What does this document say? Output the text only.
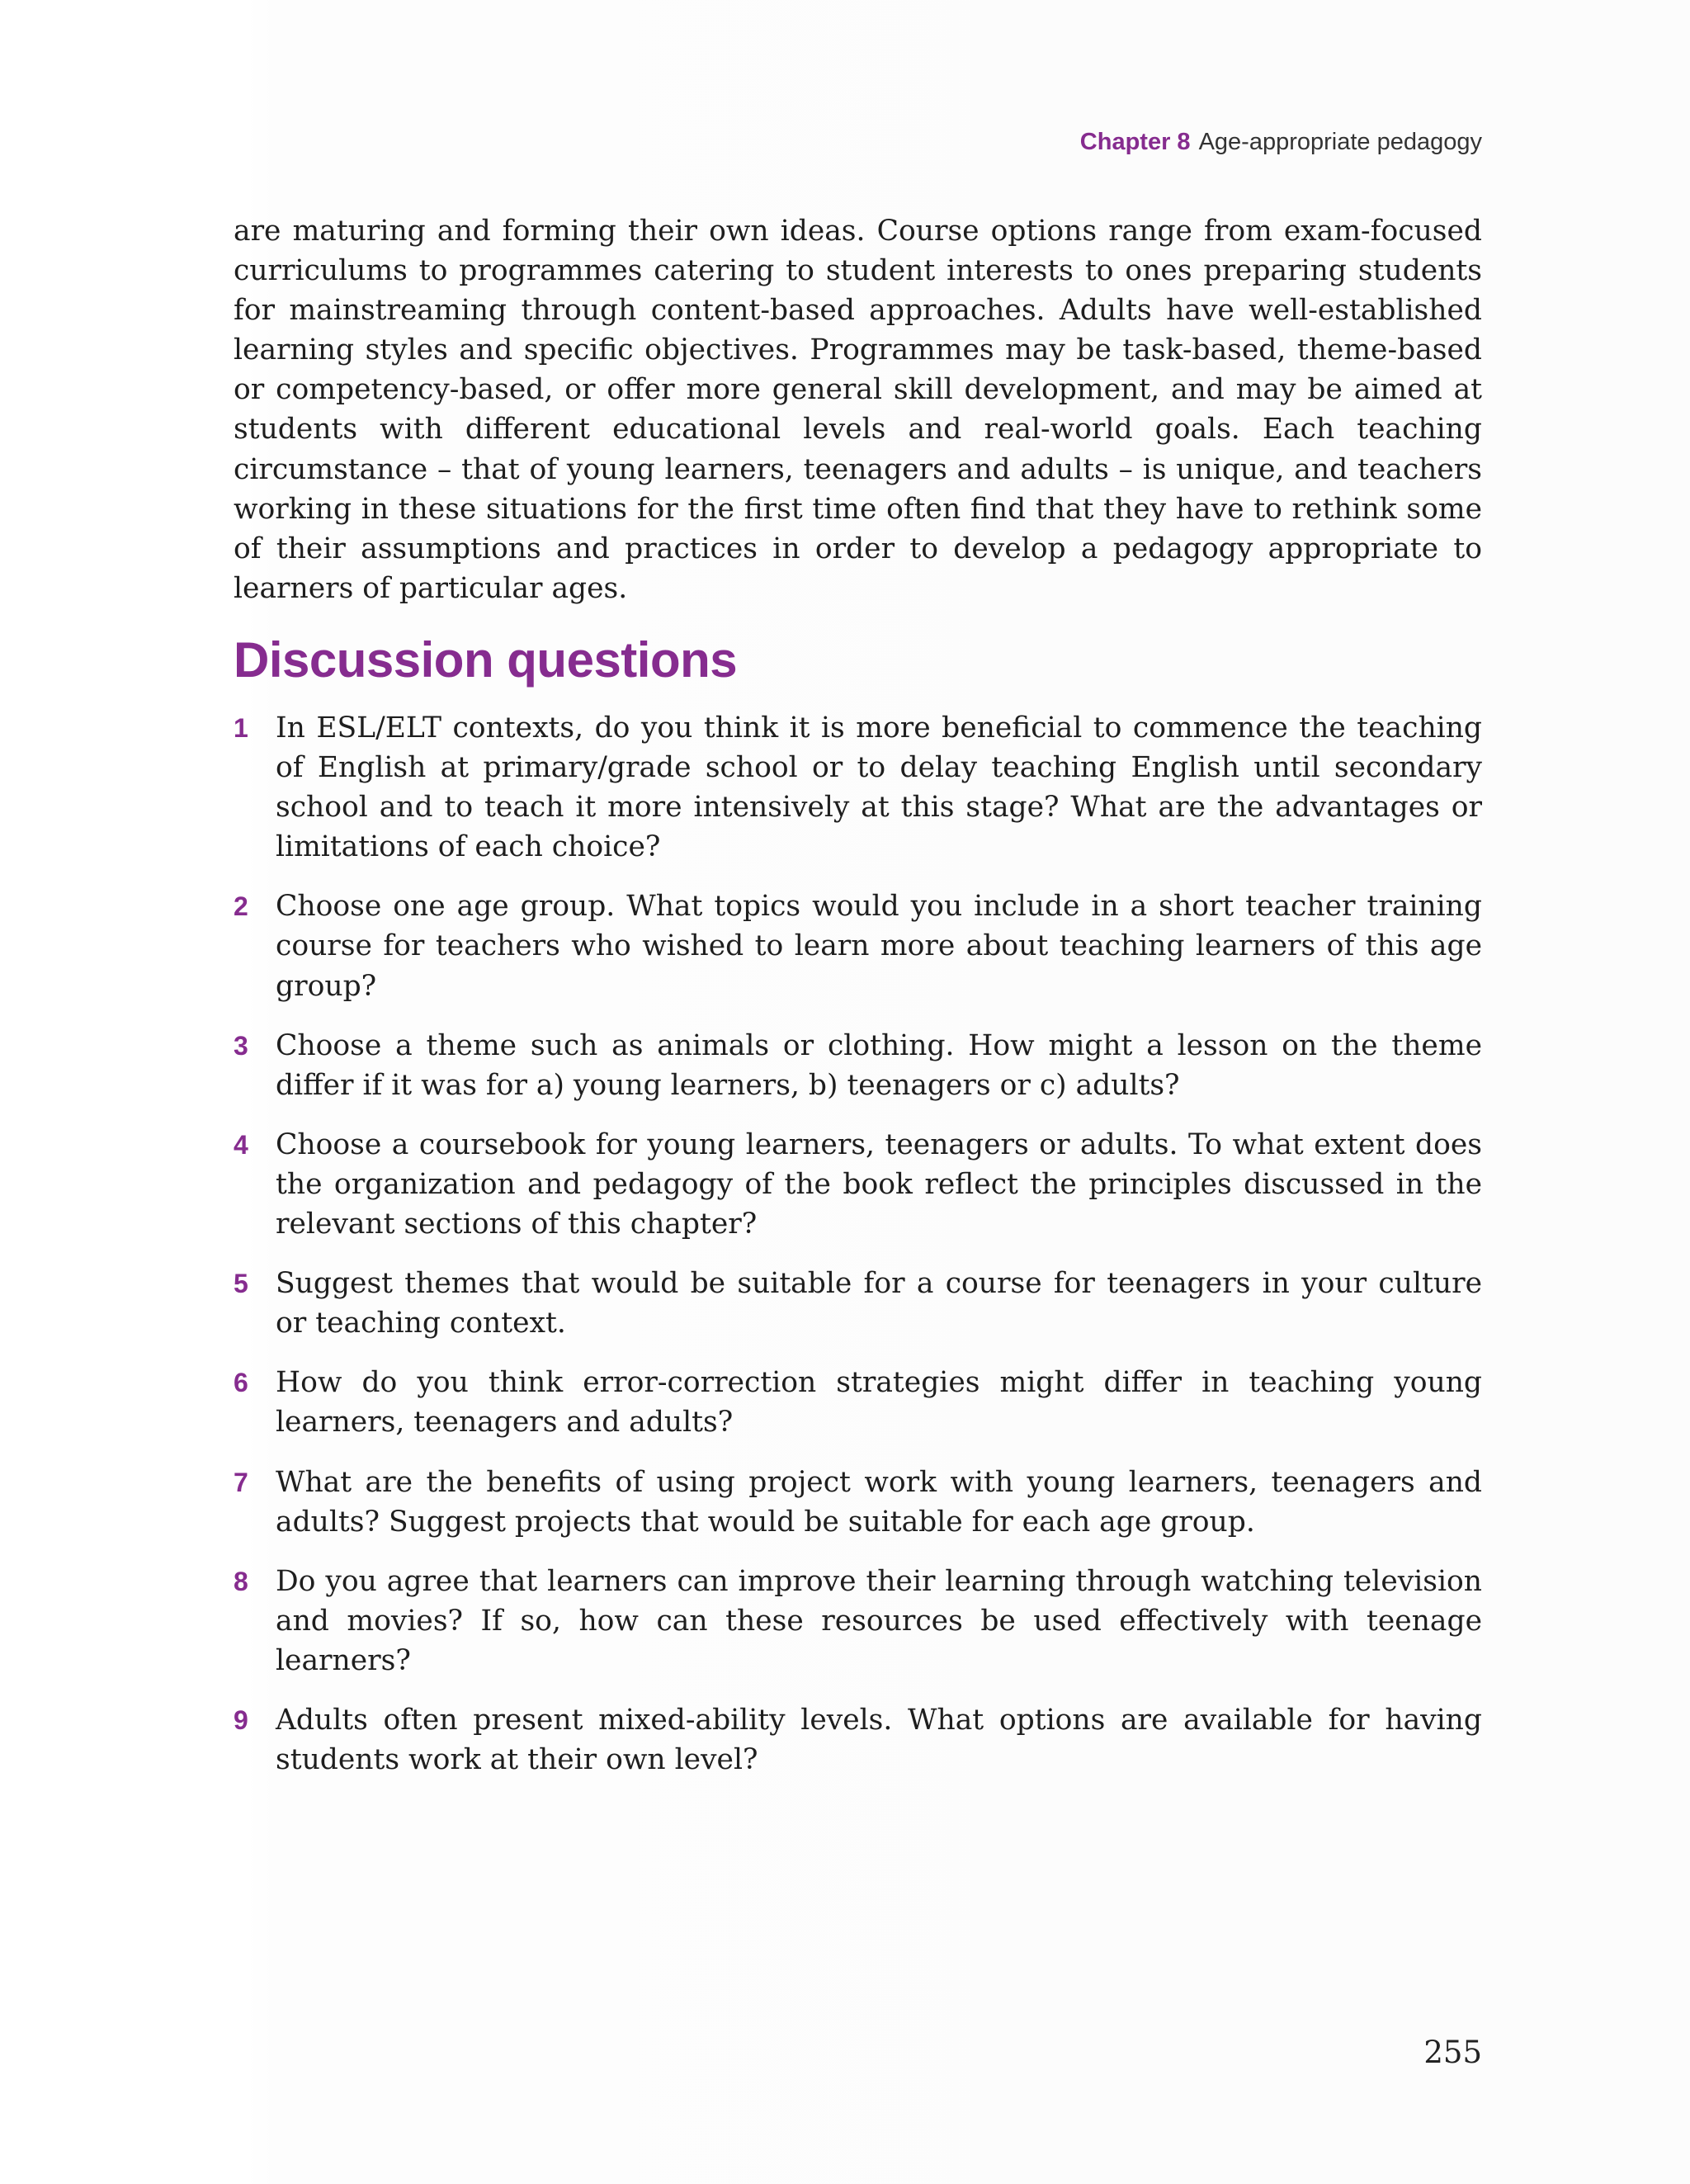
Chapter 8 Age-appropriate pedagogy

are maturing and forming their own ideas. Course options range from exam-focused curriculums to programmes catering to student interests to ones preparing students for mainstreaming through content-based approaches. Adults have well-established learning styles and specific objectives. Programmes may be task-based, theme-based or competency-based, or offer more general skill development, and may be aimed at students with different educational levels and real-world goals. Each teaching circumstance – that of young learners, teenagers and adults – is unique, and teachers working in these situations for the first time often find that they have to rethink some of their assumptions and practices in order to develop a pedagogy appropriate to learners of particular ages.

Discussion questions
1 In ESL/ELT contexts, do you think it is more beneficial to commence the teaching of English at primary/grade school or to delay teaching English until secondary school and to teach it more intensively at this stage? What are the advantages or limitations of each choice?
2 Choose one age group. What topics would you include in a short teacher training course for teachers who wished to learn more about teaching learners of this age group?
3 Choose a theme such as animals or clothing. How might a lesson on the theme differ if it was for a) young learners, b) teenagers or c) adults?
4 Choose a coursebook for young learners, teenagers or adults. To what extent does the organization and pedagogy of the book reflect the principles discussed in the relevant sections of this chapter?
5 Suggest themes that would be suitable for a course for teenagers in your culture or teaching context.
6 How do you think error-correction strategies might differ in teaching young learners, teenagers and adults?
7 What are the benefits of using project work with young learners, teenagers and adults? Suggest projects that would be suitable for each age group.
8 Do you agree that learners can improve their learning through watching television and movies? If so, how can these resources be used effectively with teenage learners?
9 Adults often present mixed-ability levels. What options are available for having students work at their own level?
255
